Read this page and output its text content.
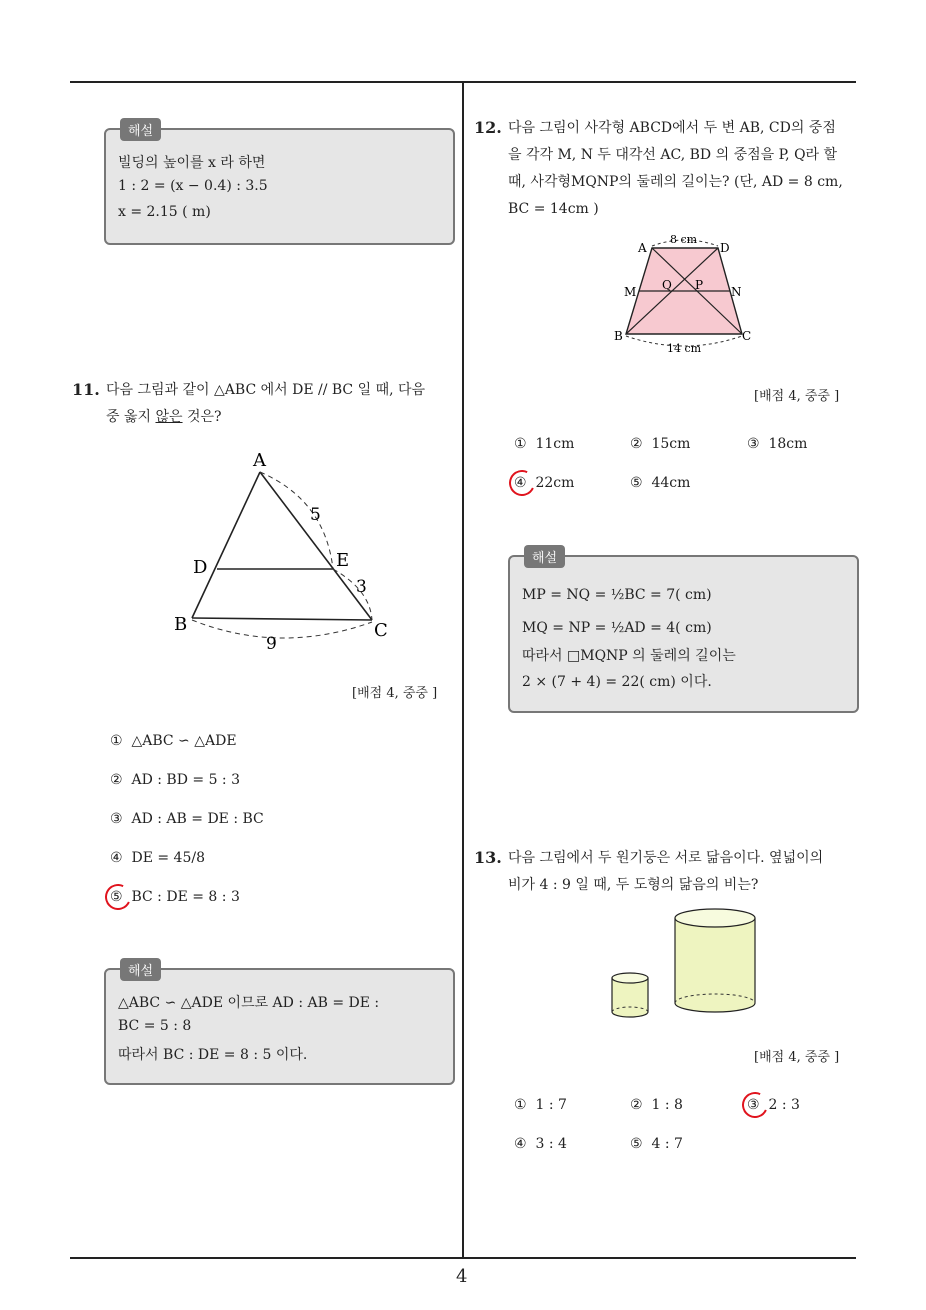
4
해설
빌딩의 높이를 x 라 하면
1 : 2 = (x − 0.4) : 3.5
x = 2.15 ( m)
11. 다음 그림과 같이 △ABC 에서 DE // BC 일 때, 다음
중 옳지 않은 것은?
A
B	C
D	E
5
3
9
[배점 4, 중중 ]
① △ABC ∽ △ADE
② AD : BD = 5 : 3
③ AD : AB = DE : BC
④ DE = 45/8
⑤ BC : DE = 8 : 3
해설
△ABC ∽ △ADE 이므로 AD : AB = DE :
BC = 5 : 8
따라서 BC : DE = 8 : 5 이다.
12. 다음 그림이 사각형 ABCD에서 두 변 AB, CD의 중점
을 각각 M, N 두 대각선 AC, BD 의 중점을 P, Q라 할
때, 사각형MQNP의 둘레의 길이는? (단, AD = 8 cm,
BC = 14cm )
A	D
B	C
M	N
Q P
8 cm
14 cm
[배점 4, 중중 ]
① 11cm	② 15cm	③ 18cm
④ 22cm	⑤ 44cm
해설
MP = NQ = ½BC = 7( cm)
MQ = NP = ½AD = 4( cm)
따라서 □MQNP 의 둘레의 길이는
2 × (7 + 4) = 22( cm) 이다.
13. 다음 그림에서 두 원기둥은 서로 닮음이다. 옆넓이의
비가 4 : 9 일 때, 두 도형의 닮음의 비는?
[배점 4, 중중 ]
① 1 : 7	② 1 : 8	③ 2 : 3
④ 3 : 4	⑤ 4 : 7
